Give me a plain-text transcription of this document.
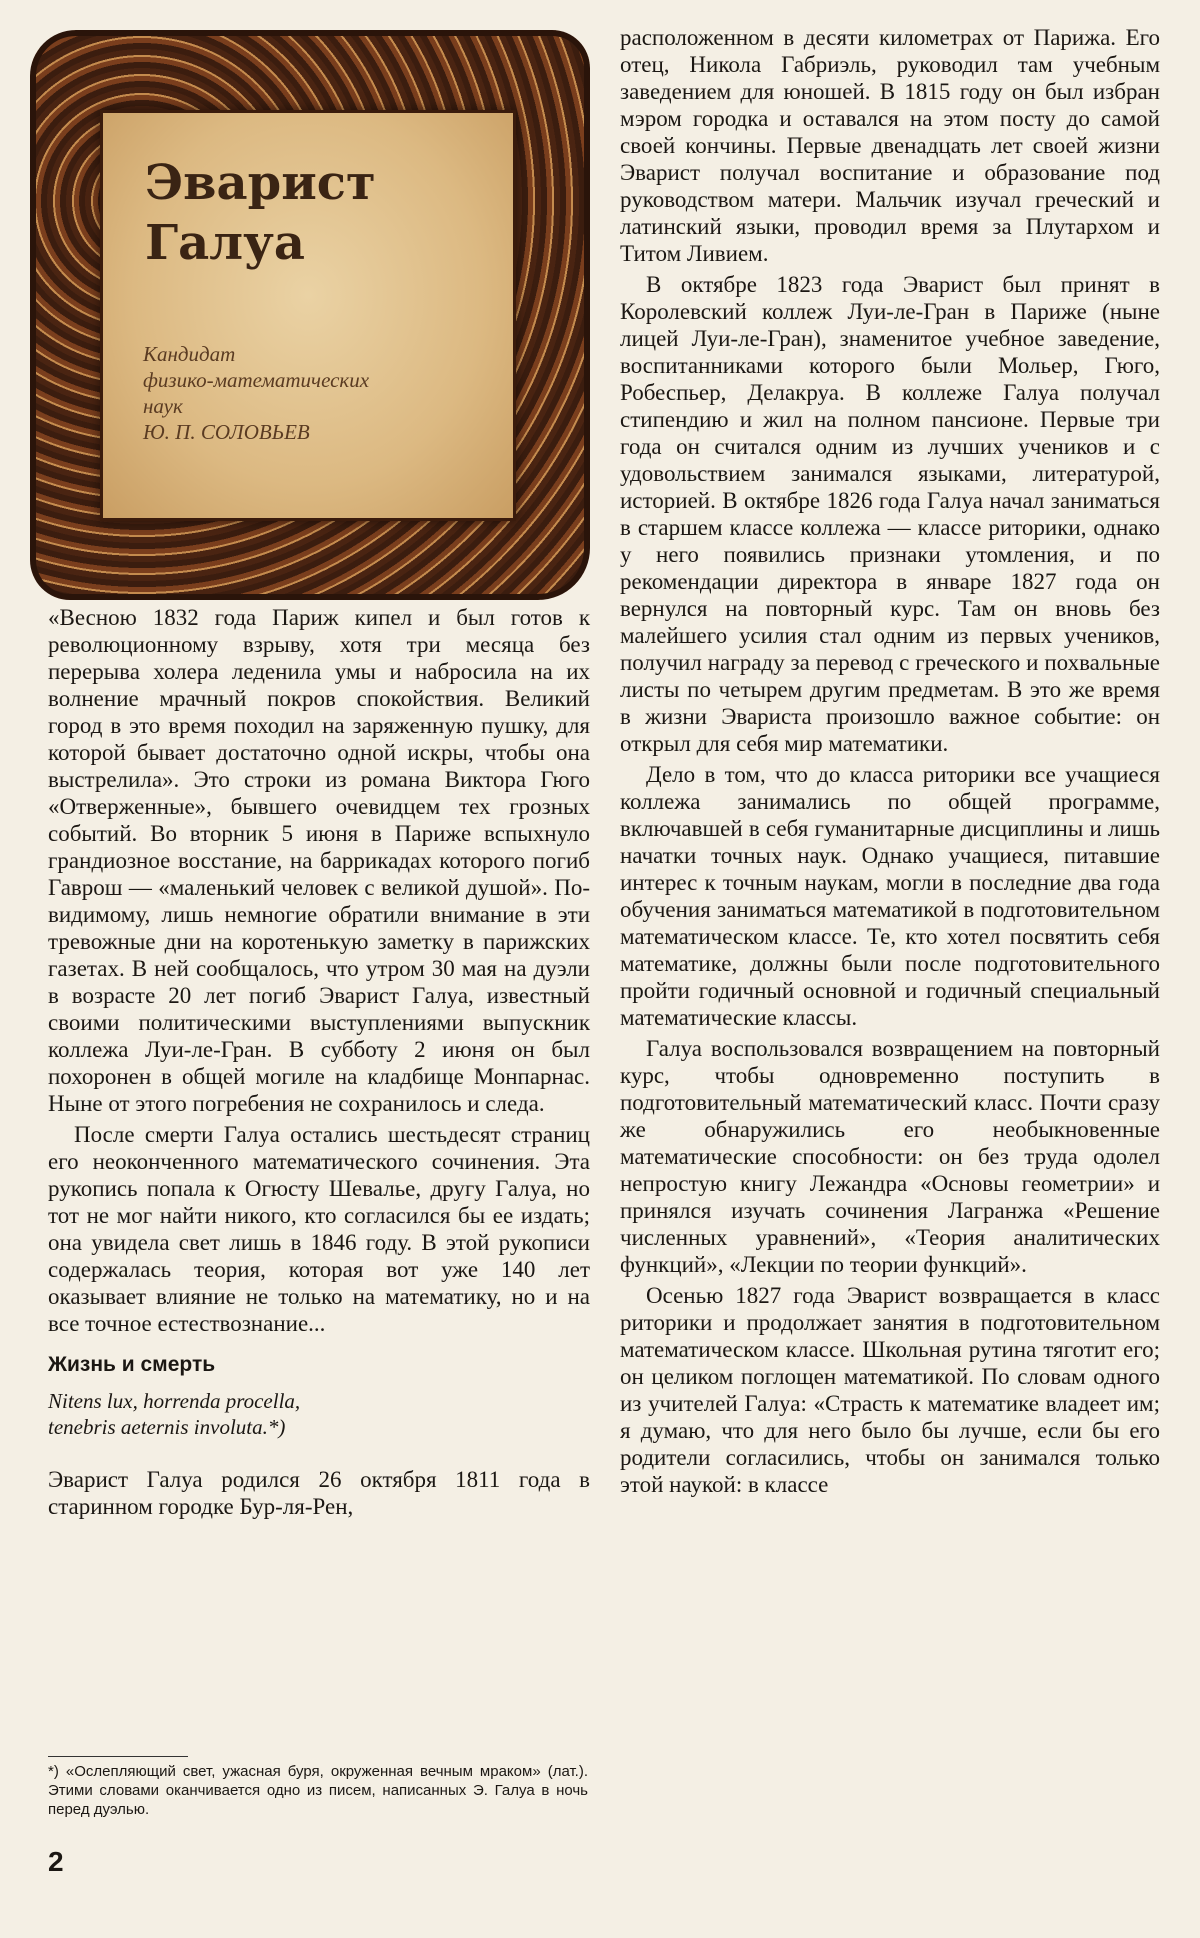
Эварист
Галуа
Кандидат
физико-математических
наук
Ю. П. СОЛОВЬЕВ

«Весною 1832 года Париж кипел и был готов к революционному взрыву, хотя три месяца без перерыва холера леденила умы и набросила на их волнение мрачный покров спокойствия. Великий город в это время походил на заряженную пушку, для которой бывает достаточно одной искры, чтобы она выстрелила». Это строки из романа Виктора Гюго «Отверженные», бывшего очевидцем тех грозных событий. Во вторник 5 июня в Париже вспыхнуло грандиозное восстание, на баррикадах которого погиб Гаврош — «маленький человек с великой душой». По-видимому, лишь немногие обратили внимание в эти тревожные дни на коротенькую заметку в парижских газетах. В ней сообщалось, что утром 30 мая на дуэли в возрасте 20 лет погиб Эварист Галуа, известный своими политическими выступлениями выпускник коллежа Луи-ле-Гран. В субботу 2 июня он был похоронен в общей могиле на кладбище Монпарнас. Ныне от этого погребения не сохранилось и следа.

После смерти Галуа остались шестьдесят страниц его неоконченного математического сочинения. Эта рукопись попала к Огюсту Шевалье, другу Галуа, но тот не мог найти никого, кто согласился бы ее издать; она увидела свет лишь в 1846 году. В этой рукописи содержалась теория, которая вот уже 140 лет оказывает влияние не только на математику, но и на все точное естествознание...

Жизнь и смерть
Nitens lux, horrenda procella,
tenebris aeternis involuta.*)

Эварист Галуа родился 26 октября 1811 года в старинном городке Бур-ля-Рен,

расположенном в десяти километрах от Парижа. Его отец, Никола Габриэль, руководил там учебным заведением для юношей. В 1815 году он был избран мэром городка и оставался на этом посту до самой своей кончины. Первые двенадцать лет своей жизни Эварист получал воспитание и образование под руководством матери. Мальчик изучал греческий и латинский языки, проводил время за Плутархом и Титом Ливием.

В октябре 1823 года Эварист был принят в Королевский коллеж Луи-ле-Гран в Париже (ныне лицей Луи-ле-Гран), знаменитое учебное заведение, воспитанниками которого были Мольер, Гюго, Робеспьер, Делакруа. В коллеже Галуа получал стипендию и жил на полном пансионе. Первые три года он считался одним из лучших учеников и с удовольствием занимался языками, литературой, историей. В октябре 1826 года Галуа начал заниматься в старшем классе коллежа — классе риторики, однако у него появились признаки утомления, и по рекомендации директора в январе 1827 года он вернулся на повторный курс. Там он вновь без малейшего усилия стал одним из первых учеников, получил награду за перевод с греческого и похвальные листы по четырем другим предметам. В это же время в жизни Эвариста произошло важное событие: он открыл для себя мир математики.

Дело в том, что до класса риторики все учащиеся коллежа занимались по общей программе, включавшей в себя гуманитарные дисциплины и лишь начатки точных наук. Однако учащиеся, питавшие интерес к точным наукам, могли в последние два года обучения заниматься математикой в подготовительном математическом классе. Те, кто хотел посвятить себя математике, должны были после подготовительного пройти годичный основной и годичный специальный математические классы.

Галуа воспользовался возвращением на повторный курс, чтобы одновременно поступить в подготовительный математический класс. Почти сразу же обнаружились его необыкновенные математические способности: он без труда одолел непростую книгу Лежандра «Основы геометрии» и принялся изучать сочинения Лагранжа «Решение численных уравнений», «Теория аналитических функций», «Лекции по теории функций».

Осенью 1827 года Эварист возвращается в класс риторики и продолжает занятия в подготовительном математическом классе. Школьная рутина тяготит его; он целиком поглощен математикой. По словам одного из учителей Галуа: «Страсть к математике владеет им; я думаю, что для него было бы лучше, если бы его родители согласились, чтобы он занимался только этой наукой: в классе

*) «Ослепляющий свет, ужасная буря, окруженная вечным мраком» (лат.). Этими словами оканчивается одно из писем, написанных Э. Галуа в ночь перед дуэлью.
2
